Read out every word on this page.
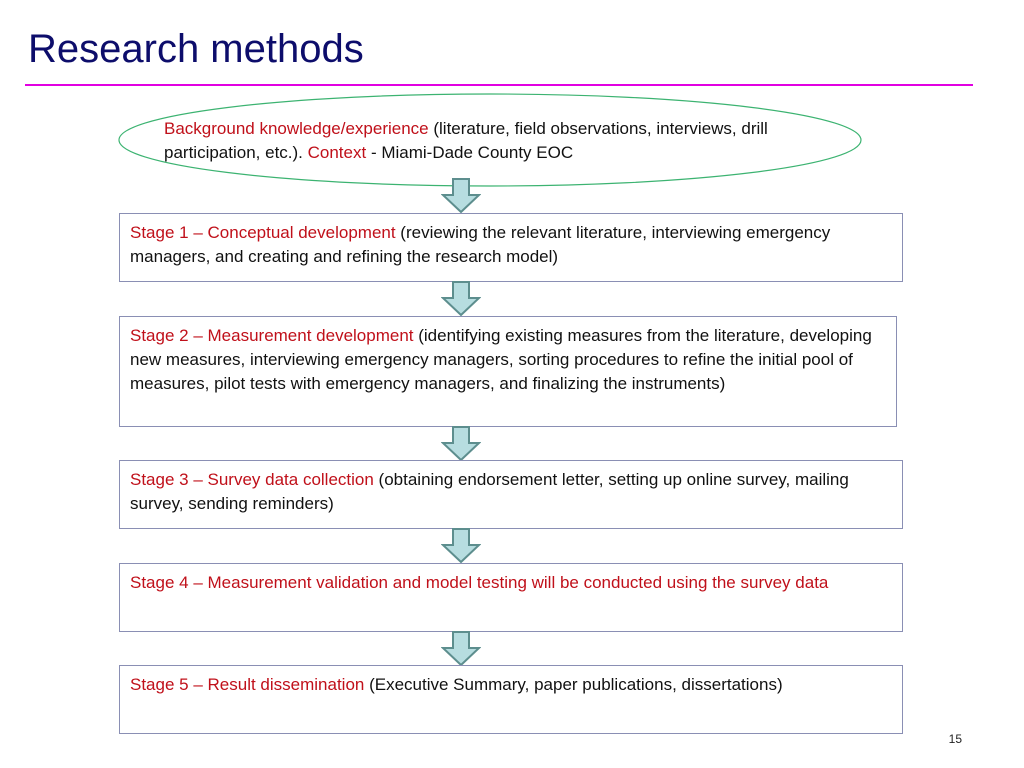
Research methods
Background knowledge/experience (literature, field observations, interviews, drill participation, etc.). Context - Miami-Dade County EOC
Stage 1 – Conceptual development (reviewing the relevant literature, interviewing emergency managers, and creating and refining the research model)
Stage 2 – Measurement development (identifying existing measures from the literature, developing new measures, interviewing emergency managers, sorting procedures to refine the initial pool of measures, pilot tests with emergency managers, and finalizing the instruments)
Stage 3 – Survey data collection (obtaining endorsement letter, setting up online survey, mailing survey, sending reminders)
Stage 4 – Measurement validation and model testing will be conducted using the survey data
Stage 5 – Result dissemination (Executive Summary, paper publications, dissertations)
15
